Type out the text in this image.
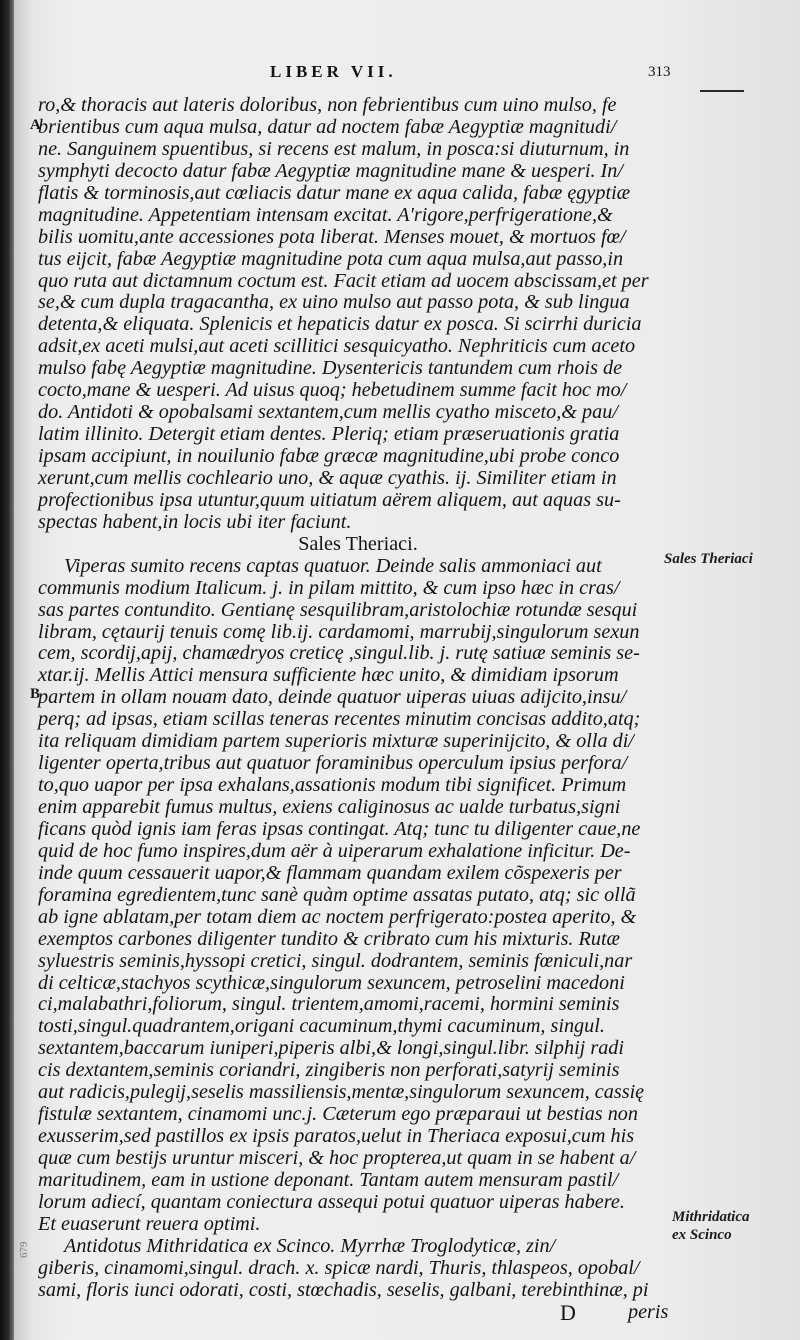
LIBER VII.	313
A
B
ro,& thoracis aut lateris doloribus, non febrientibus cum uino mulso, fe
brientibus cum aqua mulsa, datur ad noctem fabæ Aegyptiæ magnitudi/
ne. Sanguinem spuentibus, si recens est malum, in posca:si diuturnum, in
symphyti decocto datur fabæ Aegyptiæ magnitudine mane & uesperi. In/
flatis & torminosis,aut cœliacis datur mane ex aqua calida, fabæ ęgyptiæ
magnitudine. Appetentiam intensam excitat. A'rigore,perfrigeratione,&
bilis uomitu,ante accessiones pota liberat. Menses mouet, & mortuos fœ/
tus eijcit, fabæ Aegyptiæ magnitudine pota cum aqua mulsa,aut passo,in
quo ruta aut dictamnum coctum est. Facit etiam ad uocem abscissam,et per
se,& cum dupla tragacantha, ex uino mulso aut passo pota, & sub lingua
detenta,& eliquata. Splenicis et hepaticis datur ex posca. Si scirrhi duricia
adsit,ex aceti mulsi,aut aceti scillitici sesquicyatho. Nephriticis cum aceto
mulso fabę Aegyptiæ magnitudine. Dysentericis tantundem cum rhois de
cocto,mane & uesperi. Ad uisus quoq; hebetudinem summe facit hoc mo/
do. Antidoti & opobalsami sextantem,cum mellis cyatho misceto,& pau/
latim illinito. Detergit etiam dentes. Pleriq; etiam præseruationis gratia
ipsam accipiunt, in nouilunio fabæ græcæ magnitudine,ubi probe conco
xerunt,cum mellis cochleario uno, & aquæ cyathis. ij. Similiter etiam in
profectionibus ipsa utuntur,quum uitiatum aërem aliquem, aut aquas su-
spectas habent,in locis ubi iter faciunt.
Sales Theriaci.
Viperas sumito recens captas quatuor. Deinde salis ammoniaci aut
communis modium Italicum. j. in pilam mittito, & cum ipso hæc in cras/
sas partes contundito. Gentianę sesquilibram,aristolochiæ rotundæ sesqui
libram, cętaurij tenuis comę lib.ij. cardamomi, marrubij,singulorum sexun
cem, scordij,apij, chamædryos creticę ,singul.lib. j. rutę satiuæ seminis se-
xtar.ij. Mellis Attici mensura sufficiente hæc unito, & dimidiam ipsorum
partem in ollam nouam dato, deinde quatuor uiperas uiuas adijcito,insu/
perq; ad ipsas, etiam scillas teneras recentes minutim concisas addito,atq;
ita reliquam dimidiam partem superioris mixturæ superinijcito, & olla di/
ligenter operta,tribus aut quatuor foraminibus operculum ipsius perfora/
to,quo uapor per ipsa exhalans,assationis modum tibi significet. Primum
enim apparebit fumus multus, exiens caliginosus ac ualde turbatus,signi
ficans quòd ignis iam feras ipsas contingat. Atq; tunc tu diligenter caue,ne
quid de hoc fumo inspires,dum aër à uiperarum exhalatione inficitur. De-
inde quum cessauerit uapor,& flammam quandam exilem cõspexeris per
foramina egredientem,tunc sanè quàm optime assatas putato, atq; sic ollã
ab igne ablatam,per totam diem ac noctem perfrigerato:postea aperito, &
exemptos carbones diligenter tundito & cribrato cum his mixturis. Rutæ
syluestris seminis,hyssopi cretici, singul. dodrantem, seminis fœniculi,nar
di celticæ,stachyos scythicæ,singulorum sexuncem, petroselini macedoni
ci,malabathri,foliorum, singul. trientem,amomi,racemi, hormini seminis
tosti,singul.quadrantem,origani cacuminum,thymi cacuminum, singul.
sextantem,baccarum iuniperi,piperis albi,& longi,singul.libr. silphij radi
cis dextantem,seminis coriandri, zingiberis non perforati,satyrij seminis
aut radicis,pulegij,seselis massiliensis,mentæ,singulorum sexuncem, cassię
fistulæ sextantem, cinamomi unc.j. Cæterum ego præparaui ut bestias non
exusserim,sed pastillos ex ipsis paratos,uelut in Theriaca exposui,cum his
quæ cum bestijs uruntur misceri, & hoc propterea,ut quam in se habent a/
maritudinem, eam in ustione deponant. Tantam autem mensuram pastil/
lorum adiecí, quantam coniectura assequi potui quatuor uiperas habere.
Et euaserunt reuera optimi.
Antidotus Mithridatica ex Scinco. Myrrhæ Troglodyticæ, zin/
giberis, cinamomi,singul. drach. x. spicæ nardi, Thuris, thlaspeos, opobal/
sami, floris iunci odorati, costi, stœchadis, seselis, galbani, terebinthinæ, pi
D	peris
Sales Theriaci
Mithridatica
ex Scinco
679
